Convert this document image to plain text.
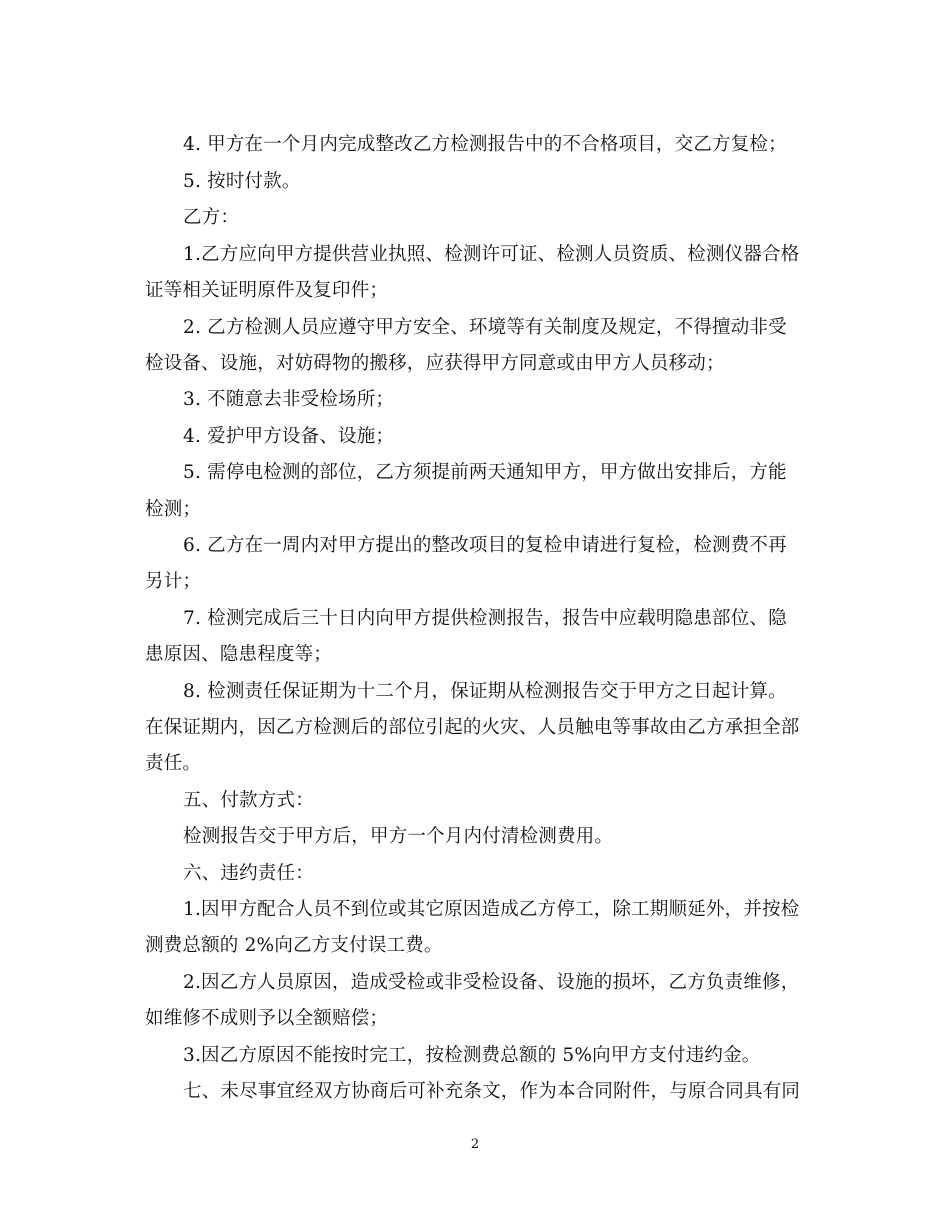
4. 甲方在一个月内完成整改乙方检测报告中的不合格项目，交乙方复检；
5. 按时付款。
乙方：
1.乙方应向甲方提供营业执照、检测许可证、检测人员资质、检测仪器合格
证等相关证明原件及复印件；
2. 乙方检测人员应遵守甲方安全、环境等有关制度及规定，不得擅动非受
检设备、设施，对妨碍物的搬移，应获得甲方同意或由甲方人员移动；
3. 不随意去非受检场所；
4. 爱护甲方设备、设施；
5. 需停电检测的部位，乙方须提前两天通知甲方，甲方做出安排后，方能
检测；
6. 乙方在一周内对甲方提出的整改项目的复检申请进行复检，检测费不再
另计；
7. 检测完成后三十日内向甲方提供检测报告，报告中应载明隐患部位、隐
患原因、隐患程度等；
8. 检测责任保证期为十二个月，保证期从检测报告交于甲方之日起计算。
在保证期内，因乙方检测后的部位引起的火灾、人员触电等事故由乙方承担全部
责任。
五、付款方式：
检测报告交于甲方后，甲方一个月内付清检测费用。
六、违约责任：
1.因甲方配合人员不到位或其它原因造成乙方停工，除工期顺延外，并按检
测费总额的 2%向乙方支付误工费。
2.因乙方人员原因，造成受检或非受检设备、设施的损坏，乙方负责维修，
如维修不成则予以全额赔偿；
3.因乙方原因不能按时完工，按检测费总额的 5%向甲方支付违约金。
七、未尽事宜经双方协商后可补充条文，作为本合同附件，与原合同具有同
2
